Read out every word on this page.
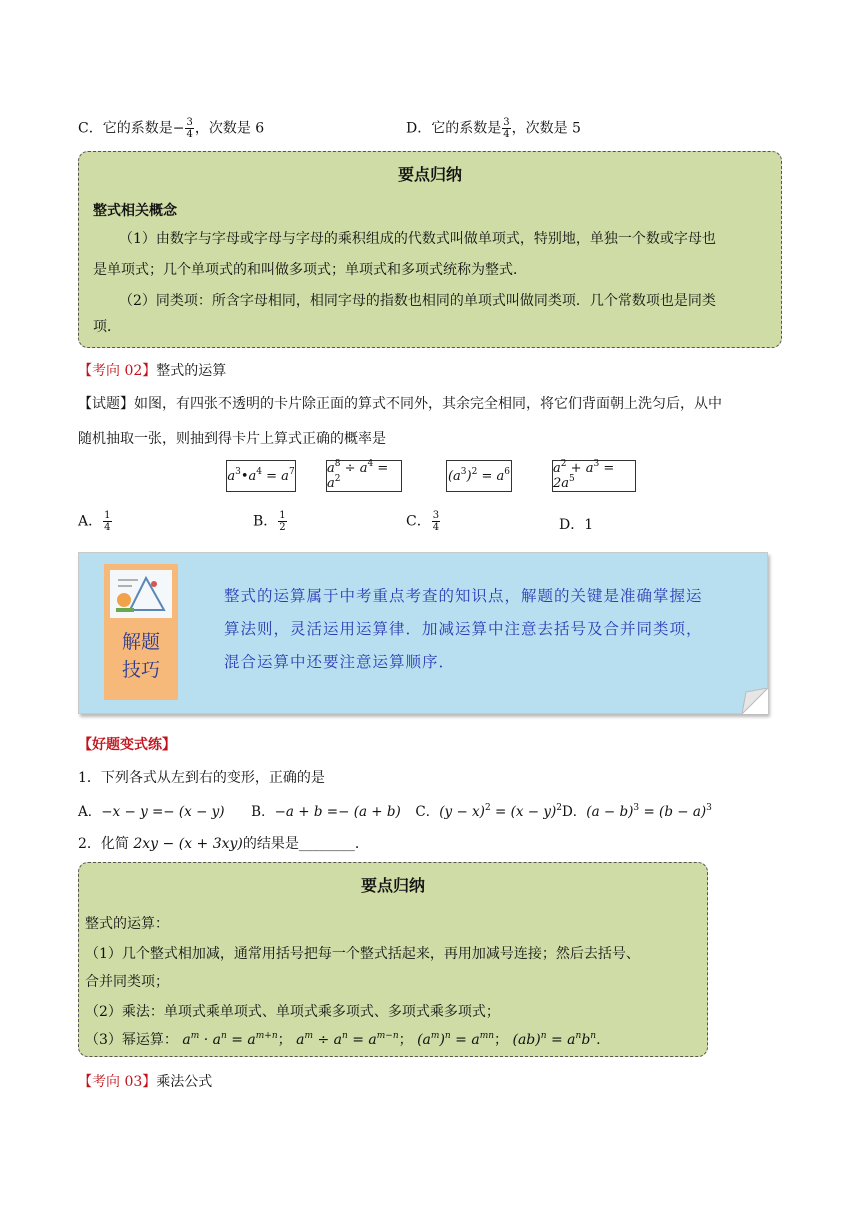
C．它的系数是− $\frac{3}{4}$ ，次数是 6	D．它的系数是 $\frac{3}{4}$ ，次数是 5
要点归纳
整式相关概念
（1）由数字与字母或字母与字母的乘积组成的代数式叫做单项式，特别地，单独一个数或字母也
是单项式；几个单项式的和叫做多项式；单项式和多项式统称为整式．
（2）同类项：所含字母相同，相同字母的指数也相同的单项式叫做同类项．几个常数项也是同类
项．
【考向 02】整式的运算
【试题】如图，有四张不透明的卡片除正面的算式不同外，其余完全相同，将它们背面朝上洗匀后，从中
随机抽取一张，则抽到得卡片上算式正确的概率是
$a^3•a^4 = a^7$ $a^8 \div a^4 = a^2$	$(a^3)^2 = a^6$	$a^2 + a^3 = 2a^5$
A． $\frac{1}{4}$	B． $\frac{1}{2}$	C． $\frac{3}{4}$	D．1
解题
技巧
整式的运算属于中考重点考查的知识点，解题的关键是准确掌握运
算法则，灵活运用运算律．加减运算中注意去括号及合并同类项，
混合运算中还要注意运算顺序．
【好题变式练】
1．下列各式从左到右的变形，正确的是
A．−x − y =− (x − y) B．−a + b =− (a + b) C．$(y - x)^2 = (x - y)^2D$．$(a - b)^3 = (b - a)^3$
2．化简 2xy − (x + 3xy)的结果是________．
要点归纳
整式的运算：
（1）几个整式相加减，通常用括号把每一个整式括起来，再用加减号连接；然后去括号、
合并同类项；
（2）乘法：单项式乘单项式、单项式乘多项式、多项式乘多项式；
（3）幂运算： $a^m \cdot a^n = a^{m+n}$； $a^m \div a^n = a^{m-n}$； $(a^m)^n = a^{mn}$； $(ab)^n = a^nb^n$.
【考向 03】乘法公式
